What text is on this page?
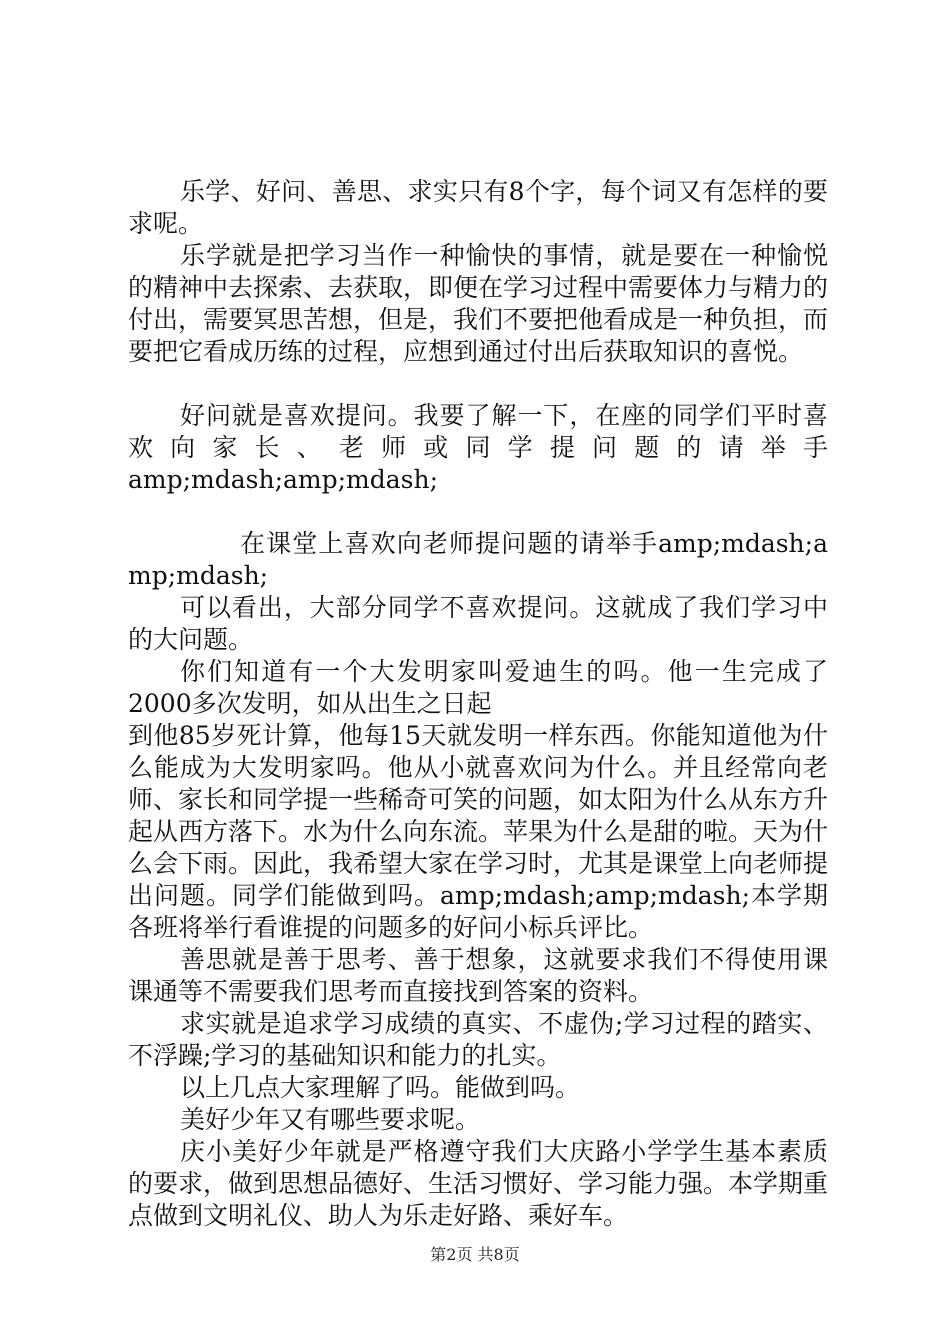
乐学、好问、善思、求实只有8个字，每个词又有怎样的要求呢。

乐学就是把学习当作一种愉快的事情，就是要在一种愉悦的精神中去探索、去获取，即便在学习过程中需要体力与精力的付出，需要冥思苦想，但是，我们不要把他看成是一种负担，而要把它看成历练的过程，应想到通过付出后获取知识的喜悦。

好问就是喜欢提问。我要了解一下，在座的同学们平时喜欢向家长、老师或同学提问题的请举手amp;mdash;amp;mdash;

在课堂上喜欢向老师提问题的请举手amp;mdash;amp;mdash;

可以看出，大部分同学不喜欢提问。这就成了我们学习中的大问题。

你们知道有一个大发明家叫爱迪生的吗。他一生完成了2000多次发明，如从出生之日起

到他85岁死计算，他每15天就发明一样东西。你能知道他为什么能成为大发明家吗。他从小就喜欢问为什么。并且经常向老师、家长和同学提一些稀奇可笑的问题，如太阳为什么从东方升起从西方落下。水为什么向东流。苹果为什么是甜的啦。天为什么会下雨。因此，我希望大家在学习时，尤其是课堂上向老师提出问题。同学们能做到吗。amp;mdash;amp;mdash;本学期各班将举行看谁提的问题多的好问小标兵评比。

善思就是善于思考、善于想象，这就要求我们不得使用课课通等不需要我们思考而直接找到答案的资料。

求实就是追求学习成绩的真实、不虚伪;学习过程的踏实、不浮躁;学习的基础知识和能力的扎实。

以上几点大家理解了吗。能做到吗。

美好少年又有哪些要求呢。

庆小美好少年就是严格遵守我们大庆路小学学生基本素质的要求，做到思想品德好、生活习惯好、学习能力强。本学期重点做到文明礼仪、助人为乐走好路、乘好车。

第2页 共8页
